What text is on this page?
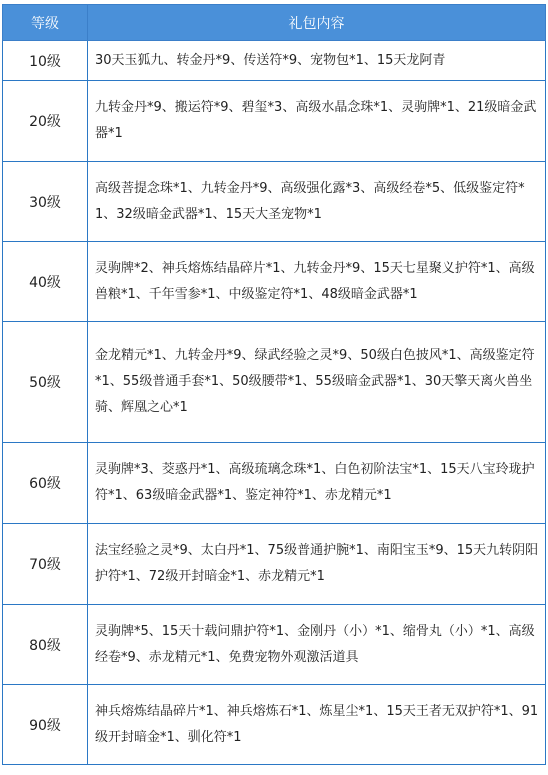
等级	礼包内容
10级	30天玉狐九、转金丹*9、传送符*9、宠物包*1、15天龙阿青
20级	九转金丹*9、搬运符*9、碧玺*3、高级水晶念珠*1、灵驹牌*1、21级暗金武器*1
30级	高级菩提念珠*1、九转金丹*9、高级强化露*3、高级经卷*5、低级鉴定符*1、32级暗金武器*1、15天大圣宠物*1
40级	灵驹牌*2、神兵熔炼结晶碎片*1、九转金丹*9、15天七星聚义护符*1、高级兽粮*1、千年雪参*1、中级鉴定符*1、48级暗金武器*1
50级	金龙精元*1、九转金丹*9、绿武经验之灵*9、50级白色披风*1、高级鉴定符*1、55级普通手套*1、50级腰带*1、55级暗金武器*1、30天擎天离火兽坐骑、辉凰之心*1
60级	灵驹牌*3、茭惑丹*1、高级琉璃念珠*1、白色初阶法宝*1、15天八宝玲珑护符*1、63级暗金武器*1、鉴定神符*1、赤龙精元*1
70级	法宝经验之灵*9、太白丹*1、75级普通护腕*1、南阳宝玉*9、15天九转阴阳护符*1、72级开封暗金*1、赤龙精元*1
80级	灵驹牌*5、15天十载问鼎护符*1、金刚丹（小）*1、缩骨丸（小）*1、高级经卷*9、赤龙精元*1、免费宠物外观激活道具
90级	神兵熔炼结晶碎片*1、神兵熔炼石*1、炼星尘*1、15天王者无双护符*1、91级开封暗金*1、驯化符*1
